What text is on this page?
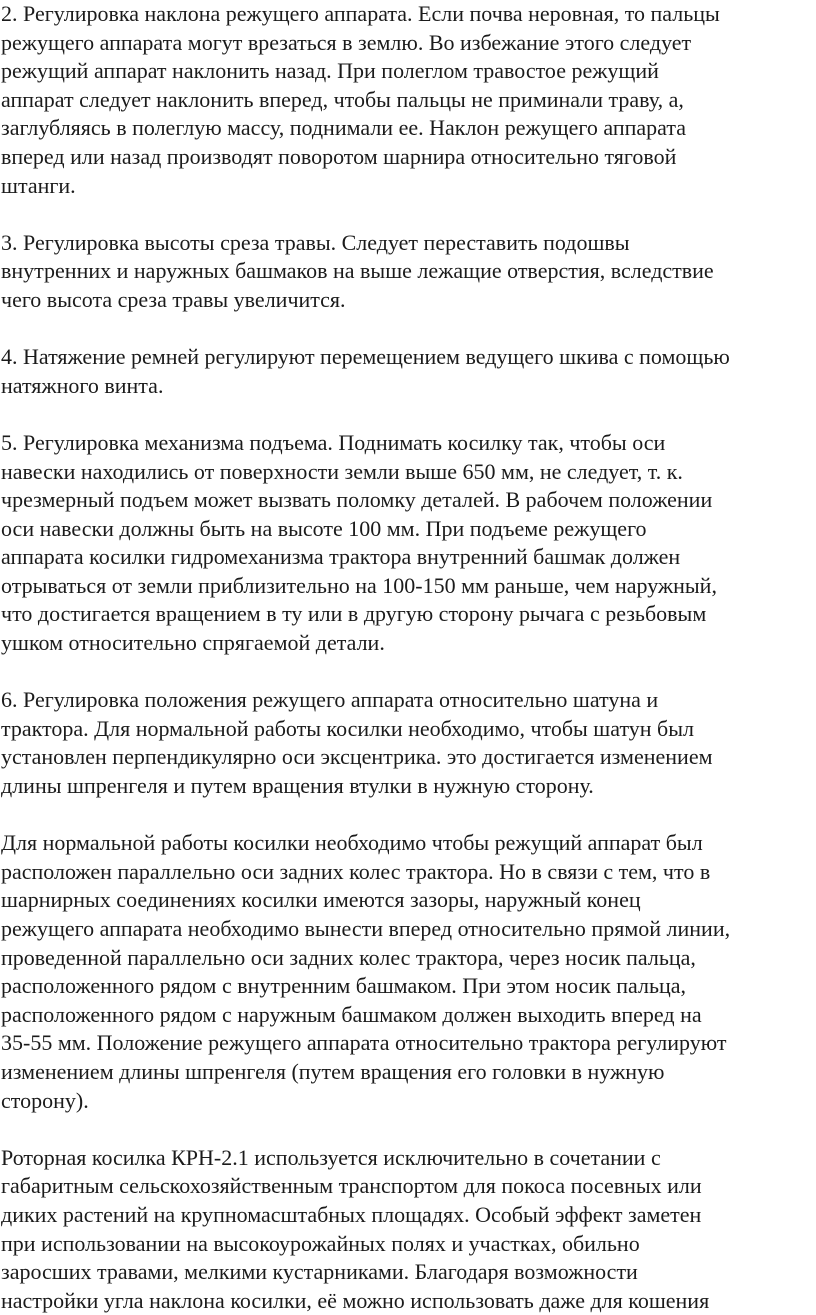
2. Регулировка наклона режущего аппарата. Если почва неровная, то пальцы
режущего аппарата могут врезаться в землю. Во избежание этого следует
режущий аппарат наклонить назад. При полеглом травостое режущий
аппарат следует наклонить вперед, чтобы пальцы не приминали траву, а,
заглубляясь в полеглую массу, поднимали ее. Наклон режущего аппарата
вперед или назад производят поворотом шарнира относительно тяговой
штанги.

3. Регулировка высоты среза травы. Следует переставить подошвы
внутренних и наружных башмаков на выше лежащие отверстия, вследствие
чего высота среза травы увеличится.

4. Натяжение ремней регулируют перемещением ведущего шкива с помощью
натяжного винта.

5. Регулировка механизма подъема. Поднимать косилку так, чтобы оси
навески находились от поверхности земли выше 650 мм, не следует, т. к.
чрезмерный подъем может вызвать поломку деталей. В рабочем положении
оси навески должны быть на высоте 100 мм. При подъеме режущего
аппарата косилки гидромеханизма трактора внутренний башмак должен
отрываться от земли приблизительно на 100-150 мм раньше, чем наружный,
что достигается вращением в ту или в другую сторону рычага с резьбовым
ушком относительно спрягаемой детали.

6. Регулировка положения режущего аппарата относительно шатуна и
трактора. Для нормальной работы косилки необходимо, чтобы шатун был
установлен перпендикулярно оси эксцентрика. это достигается изменением
длины шпренгеля и путем вращения втулки в нужную сторону.

Для нормальной работы косилки необходимо чтобы режущий аппарат был
расположен параллельно оси задних колес трактора. Но в связи с тем, что в
шарнирных соединениях косилки имеются зазоры, наружный конец
режущего аппарата необходимо вынести вперед относительно прямой линии,
проведенной параллельно оси задних колес трактора, через носик пальца,
расположенного рядом с внутренним башмаком. При этом носик пальца,
расположенного рядом с наружным башмаком должен выходить вперед на
35-55 мм. Положение режущего аппарата относительно трактора регулируют
изменением длины шпренгеля (путем вращения его головки в нужную
сторону).

Роторная косилка КРН-2.1 используется исключительно в сочетании с
габаритным сельскохозяйственным транспортом для покоса посевных или
диких растений на крупномасштабных площадях. Особый эффект заметен
при использовании на высокоурожайных полях и участках, обильно
заросших травами, мелкими кустарниками. Благодаря возможности
настройки угла наклона косилки, её можно использовать даже для кошения
